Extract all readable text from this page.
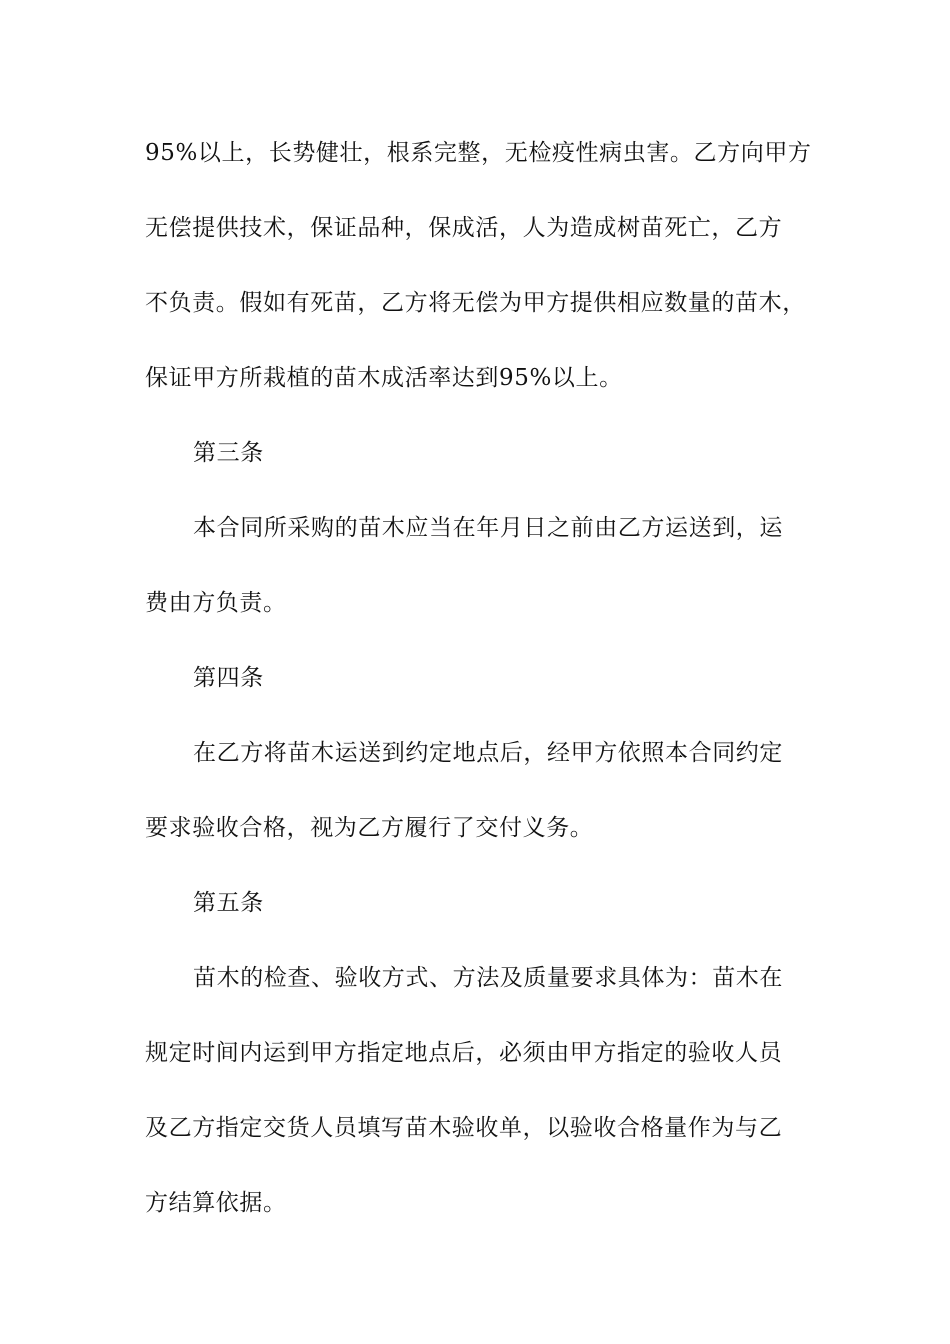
95%以上，长势健壮，根系完整，无检疫性病虫害。乙方向甲方
无偿提供技术，保证品种，保成活，人为造成树苗死亡，乙方
不负责。假如有死苗，乙方将无偿为甲方提供相应数量的苗木，
保证甲方所栽植的苗木成活率达到95%以上。
第三条
本合同所采购的苗木应当在年月日之前由乙方运送到，运
费由方负责。
第四条
在乙方将苗木运送到约定地点后，经甲方依照本合同约定
要求验收合格，视为乙方履行了交付义务。
第五条
苗木的检查、验收方式、方法及质量要求具体为：苗木在
规定时间内运到甲方指定地点后，必须由甲方指定的验收人员
及乙方指定交货人员填写苗木验收单，以验收合格量作为与乙
方结算依据。
